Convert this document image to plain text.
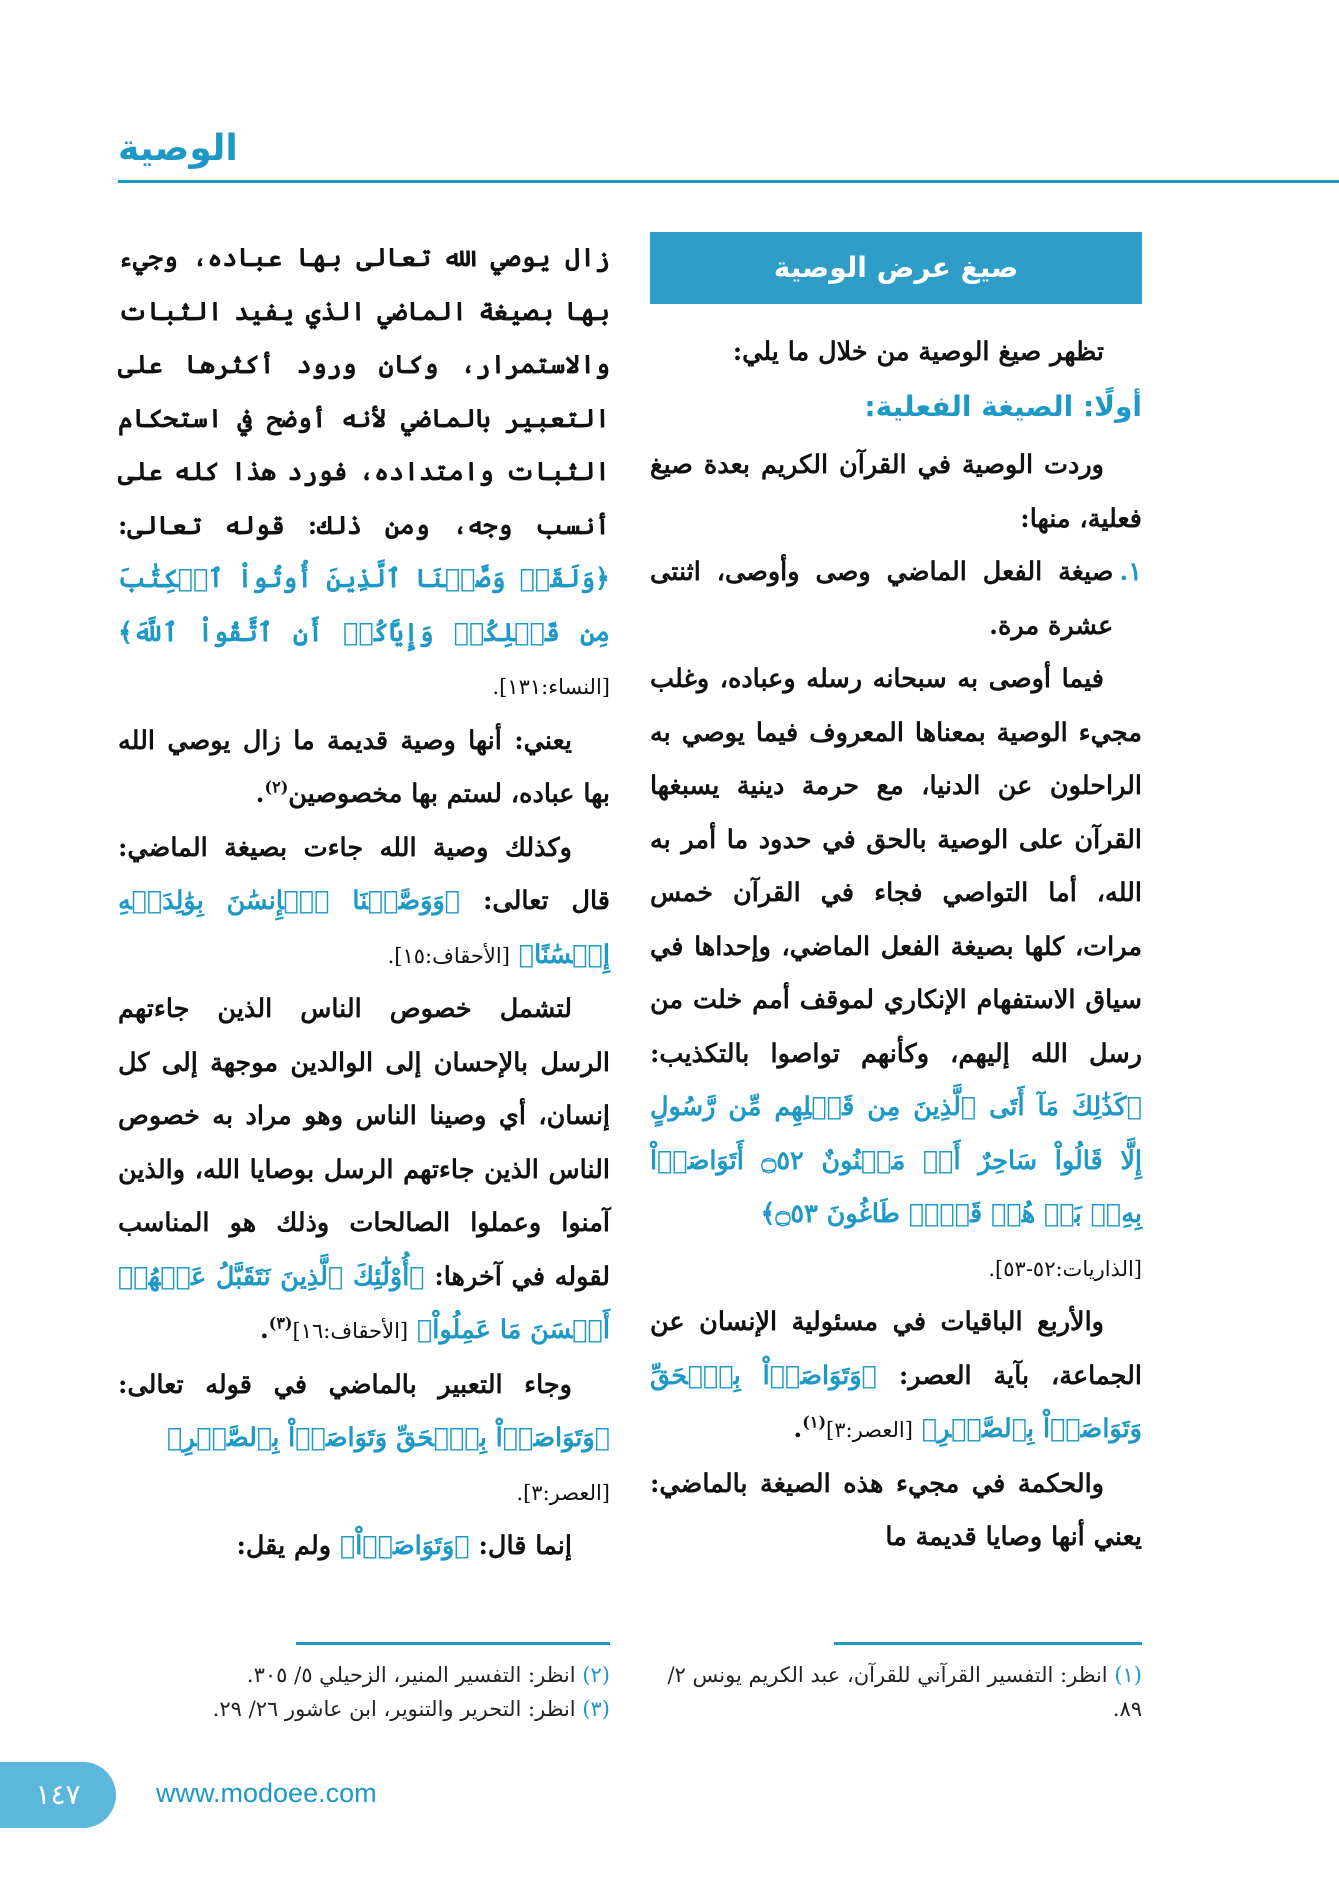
الوصية
صيغ عرض الوصية

تظهر صيغ الوصية من خلال ما يلي:

أولًا: الصيغة الفعلية:

وردت الوصية في القرآن الكريم بعدة صيغ فعلية، منها:

١.
صيغة الفعل الماضي وصى وأوصى، اثنتى عشرة مرة.

فيما أوصى به سبحانه رسله وعباده، وغلب مجيء الوصية بمعناها المعروف فيما يوصي به الراحلون عن الدنيا، مع حرمة دينية يسبغها القرآن على الوصية بالحق في حدود ما أمر به الله، أما التواصي فجاء في القرآن خمس مرات، كلها بصيغة الفعل الماضي، وإحداها في سياق الاستفهام الإنكاري لموقف أمم خلت من رسل الله إليهم، وكأنهم تواصوا بالتكذيب: ﴿كَذَٰلِكَ مَآ أَتَى ٱلَّذِينَ مِن قَبۡلِهِم مِّن رَّسُولٍ إِلَّا قَالُواْ سَاحِرٌ أَوۡ مَجۡنُونٌ ۝٥٢ أَتَوَاصَوۡاْ بِهِۦۚ بَلۡ هُمۡ قَوۡمٞ طَاغُونَ ۝٥٣﴾

[الذاريات:٥٢-٥٣].

والأربع الباقيات في مسئولية الإنسان عن الجماعة، بآية العصر: ﴿وَتَوَاصَوۡاْ بِٱلۡحَقِّ وَتَوَاصَوۡاْ بِٱلصَّبۡرِ﴾ [العصر:٣]$^{(١)}$.

والحكمة في مجيء هذه الصيغة بالماضي: يعني أنها وصايا قديمة ما

زال يوصي الله تعالى بها عباده، وجيء بها بصيغة الماضي الذي يفيد الثبات والاستمرار، وكان ورود أكثرها على التعبير بالماضي لأنه أوضح في استحكام الثبات وامتداده، فورد هذا كله على أنسب وجه، ومن ذلك: قوله تعالى: ﴿وَلَقَدۡ وَصَّيۡنَا ٱلَّذِينَ أُوتُواْ ٱلۡكِتَٰبَ مِن قَبۡلِكُمۡ وَإِيَّاكُمۡ أَنِ ٱتَّقُواْ ٱللَّهَ﴾ [النساء:١٣١].

يعني: أنها وصية قديمة ما زال يوصي الله بها عباده، لستم بها مخصوصين$^{(٢)}$.

وكذلك وصية الله جاءت بصيغة الماضي: قال تعالى: ﴿وَوَصَّيۡنَا ٱلۡإِنسَٰنَ بِوَٰلِدَيۡهِ إِحۡسَٰنًا﴾ [الأحقاف:١٥].

لتشمل خصوص الناس الذين جاءتهم الرسل بالإحسان إلى الوالدين موجهة إلى كل إنسان، أي وصينا الناس وهو مراد به خصوص الناس الذين جاءتهم الرسل بوصايا الله، والذين آمنوا وعملوا الصالحات وذلك هو المناسب لقوله في آخرها: ﴿أُوْلَٰٓئِكَ ٱلَّذِينَ نَتَقَبَّلُ عَنۡهُمۡ أَحۡسَنَ مَا عَمِلُواْ﴾ [الأحقاف:١٦]$^{(٣)}$.

وجاء التعبير بالماضي في قوله تعالى: ﴿وَتَوَاصَوۡاْ بِٱلۡحَقِّ وَتَوَاصَوۡاْ بِٱلصَّبۡرِ﴾

[العصر:٣].

إنما قال: ﴿وَتَوَاصَوۡاْ﴾ ولم يقل:

(١) انظر: التفسير القرآني للقرآن، عبد الكريم يونس ٢/ ٨٩.
(٢) انظر: التفسير المنير، الزحيلي ٥/ ٣٠٥.
(٣) انظر: التحرير والتنوير، ابن عاشور ٢٦/ ٢٩.
١٤٧	www.modoee.com
